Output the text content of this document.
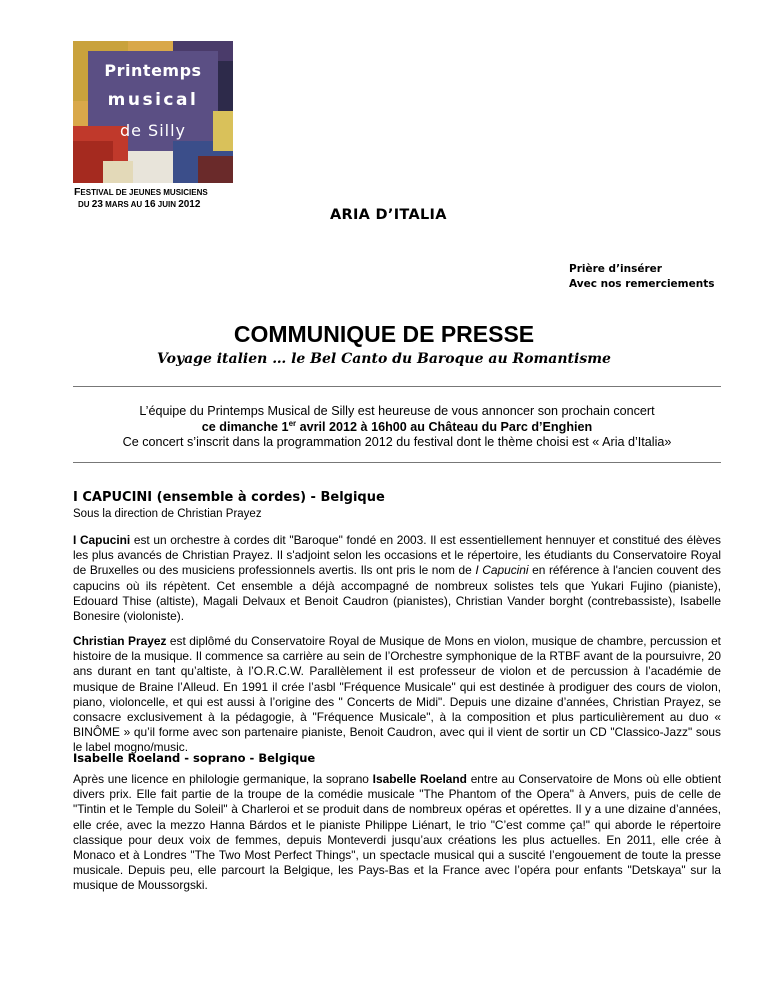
Printemps
musical
de Silly
FESTIVAL DE JEUNES MUSICIENS
DU 23 MARS AU 16 JUIN 2012
ARIA D’ITALIA
Prière d’insérer
Avec nos remerciements
COMMUNIQUE DE PRESSE
Voyage italien … le Bel Canto du Baroque au Romantisme
L’équipe du Printemps Musical de Silly est heureuse de vous annoncer son prochain concert
ce dimanche 1er avril 2012 à 16h00 au Château du Parc d’Enghien
Ce concert s’inscrit dans la programmation 2012 du festival dont le thème choisi est « Aria d’Italia»
I CAPUCINI (ensemble à cordes) - Belgique
Sous la direction de Christian Prayez
I Capucini est un orchestre à cordes dit "Baroque" fondé en 2003. Il est essentiellement hennuyer et constitué des élèves les plus avancés de Christian Prayez. Il s'adjoint selon les occasions et le répertoire, les étudiants du Conservatoire Royal de Bruxelles ou des musiciens professionnels avertis. Ils ont pris le nom de I Capucini en référence à l'ancien couvent des capucins où ils répètent. Cet ensemble a déjà accompagné de nombreux solistes tels que Yukari Fujino (pianiste), Edouard Thise (altiste), Magali Delvaux et Benoit Caudron (pianistes), Christian Vander borght (contrebassiste), Isabelle Bonesire (violoniste).
Christian Prayez est diplômé du Conservatoire Royal de Musique de Mons en violon, musique de chambre, percussion et histoire de la musique. Il commence sa carrière au sein de l’Orchestre symphonique de la RTBF avant de la poursuivre, 20 ans durant en tant qu’altiste, à l’O.R.C.W. Parallèlement il est professeur de violon et de percussion à l’académie de musique de Braine l’Alleud. En 1991 il crée l’asbl "Fréquence Musicale" qui est destinée à prodiguer des cours de violon, piano, violoncelle, et qui est aussi à l’origine des " Concerts de Midi". Depuis une dizaine d’années, Christian Prayez, se consacre exclusivement à la pédagogie, à "Fréquence Musicale", à la composition et plus particulièrement au duo « BINÔME » qu’il forme avec son partenaire pianiste, Benoit Caudron, avec qui il vient de sortir un CD "Classico-Jazz" sous le label mogno/music.
Isabelle Roeland - soprano - Belgique
Après une licence en philologie germanique, la soprano Isabelle Roeland entre au Conservatoire de Mons où elle obtient divers prix. Elle fait partie de la troupe de la comédie musicale "The Phantom of the Opera" à Anvers, puis de celle de "Tintin et le Temple du Soleil" à Charleroi et se produit dans de nombreux opéras et opérettes. Il y a une dizaine d’années, elle crée, avec la mezzo Hanna Bárdos et le pianiste Philippe Liénart, le trio "C’est comme ça!" qui aborde le répertoire classique pour deux voix de femmes, depuis Monteverdi jusqu’aux créations les plus actuelles. En 2011, elle crée à Monaco et à Londres "The Two Most Perfect Things", un spectacle musical qui a suscité l’engouement de toute la presse musicale. Depuis peu, elle parcourt la Belgique, les Pays-Bas et la France avec l’opéra pour enfants "Detskaya" sur la musique de Moussorgski.
